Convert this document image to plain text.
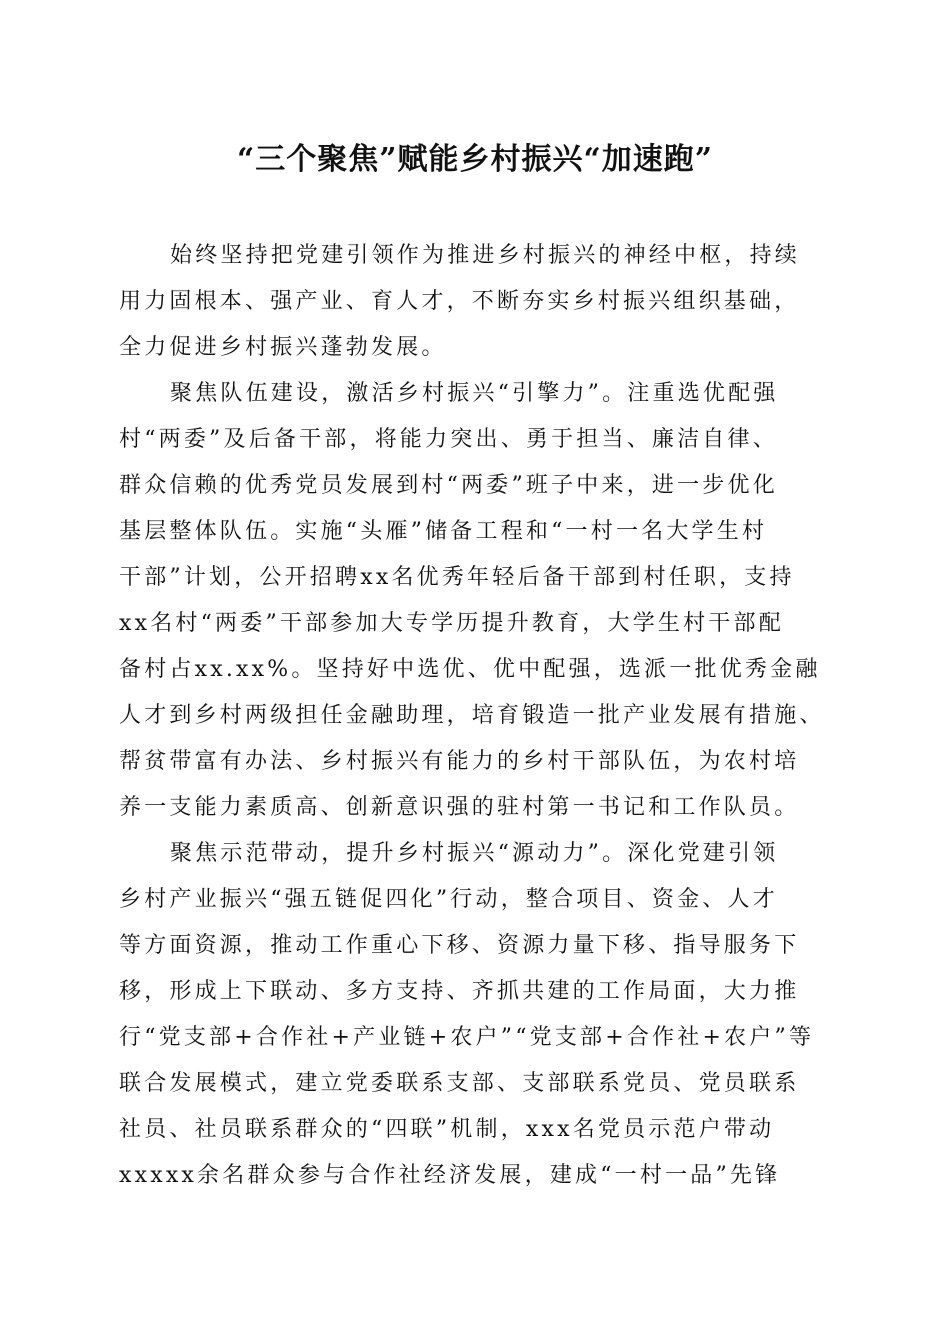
“三个聚焦”赋能乡村振兴“加速跑”

始终坚持把党建引领作为推进乡村振兴的神经中枢，持续

用力固根本、强产业、育人才，不断夯实乡村振兴组织基础，

全力促进乡村振兴蓬勃发展。

聚焦队伍建设，激活乡村振兴“引擎力”。注重选优配强

村“两委”及后备干部，将能力突出、勇于担当、廉洁自律、

群众信赖的优秀党员发展到村“两委”班子中来，进一步优化

基层整体队伍。实施“头雁”储备工程和“一村一名大学生村

干部”计划，公开招聘xx名优秀年轻后备干部到村任职，支持

xx名村“两委”干部参加大专学历提升教育，大学生村干部配

备村占xx.xx%。坚持好中选优、优中配强，选派一批优秀金融

人才到乡村两级担任金融助理，培育锻造一批产业发展有措施、

帮贫带富有办法、乡村振兴有能力的乡村干部队伍，为农村培

养一支能力素质高、创新意识强的驻村第一书记和工作队员。

聚焦示范带动，提升乡村振兴“源动力”。深化党建引领

乡村产业振兴“强五链促四化”行动，整合项目、资金、人才

等方面资源，推动工作重心下移、资源力量下移、指导服务下

移，形成上下联动、多方支持、齐抓共建的工作局面，大力推

行“党支部+合作社+产业链+农户”“党支部+合作社+农户”等

联合发展模式，建立党委联系支部、支部联系党员、党员联系

社员、社员联系群众的“四联”机制，xxx名党员示范户带动

xxxxx余名群众参与合作社经济发展，建成“一村一品”先锋
